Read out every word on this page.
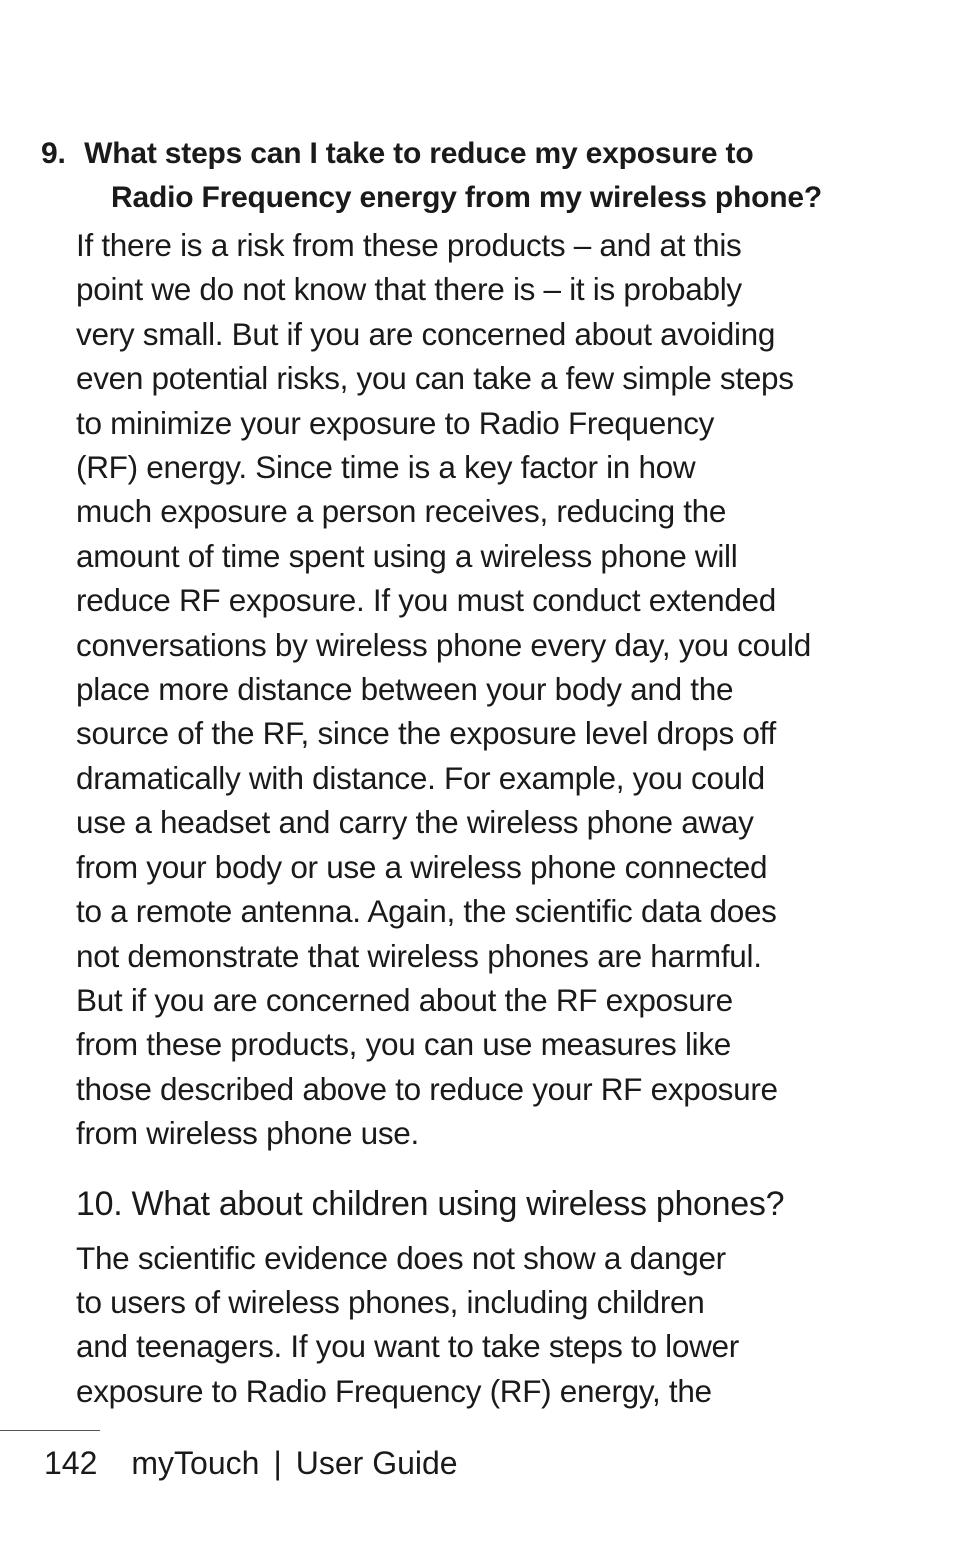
9. What steps can I take to reduce my exposure to
Radio Frequency energy from my wireless phone?

If there is a risk from these products – and at this
point we do not know that there is – it is probably
very small. But if you are concerned about avoiding
even potential risks, you can take a few simple steps
to minimize your exposure to Radio Frequency
(RF) energy. Since time is a key factor in how
much exposure a person receives, reducing the
amount of time spent using a wireless phone will
reduce RF exposure. If you must conduct extended
conversations by wireless phone every day, you could
place more distance between your body and the
source of the RF, since the exposure level drops off
dramatically with distance. For example, you could
use a headset and carry the wireless phone away
from your body or use a wireless phone connected
to a remote antenna. Again, the scientific data does
not demonstrate that wireless phones are harmful.
But if you are concerned about the RF exposure
from these products, you can use measures like
those described above to reduce your RF exposure
from wireless phone use.

10. What about children using wireless phones?

The scientific evidence does not show a danger
to users of wireless phones, including children
and teenagers. If you want to take steps to lower
exposure to Radio Frequency (RF) energy, the

142 myTouch | User Guide
